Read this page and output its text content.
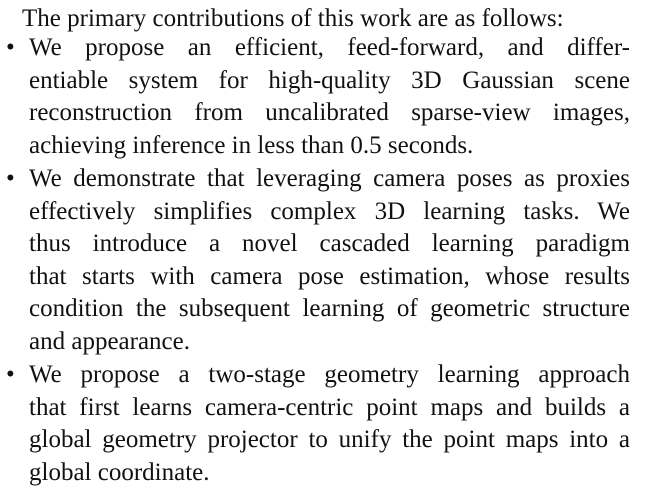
The primary contributions of this work are as follows:
• We propose an efficient, feed-forward, and differ-
entiable system for high-quality 3D Gaussian scene
reconstruction from uncalibrated sparse-view images,
achieving inference in less than 0.5 seconds.
• We demonstrate that leveraging camera poses as proxies
effectively simplifies complex 3D learning tasks. We
thus introduce a novel cascaded learning paradigm
that starts with camera pose estimation, whose results
condition the subsequent learning of geometric structure
and appearance.
• We propose a two-stage geometry learning approach
that first learns camera-centric point maps and builds a
global geometry projector to unify the point maps into a
global coordinate.
